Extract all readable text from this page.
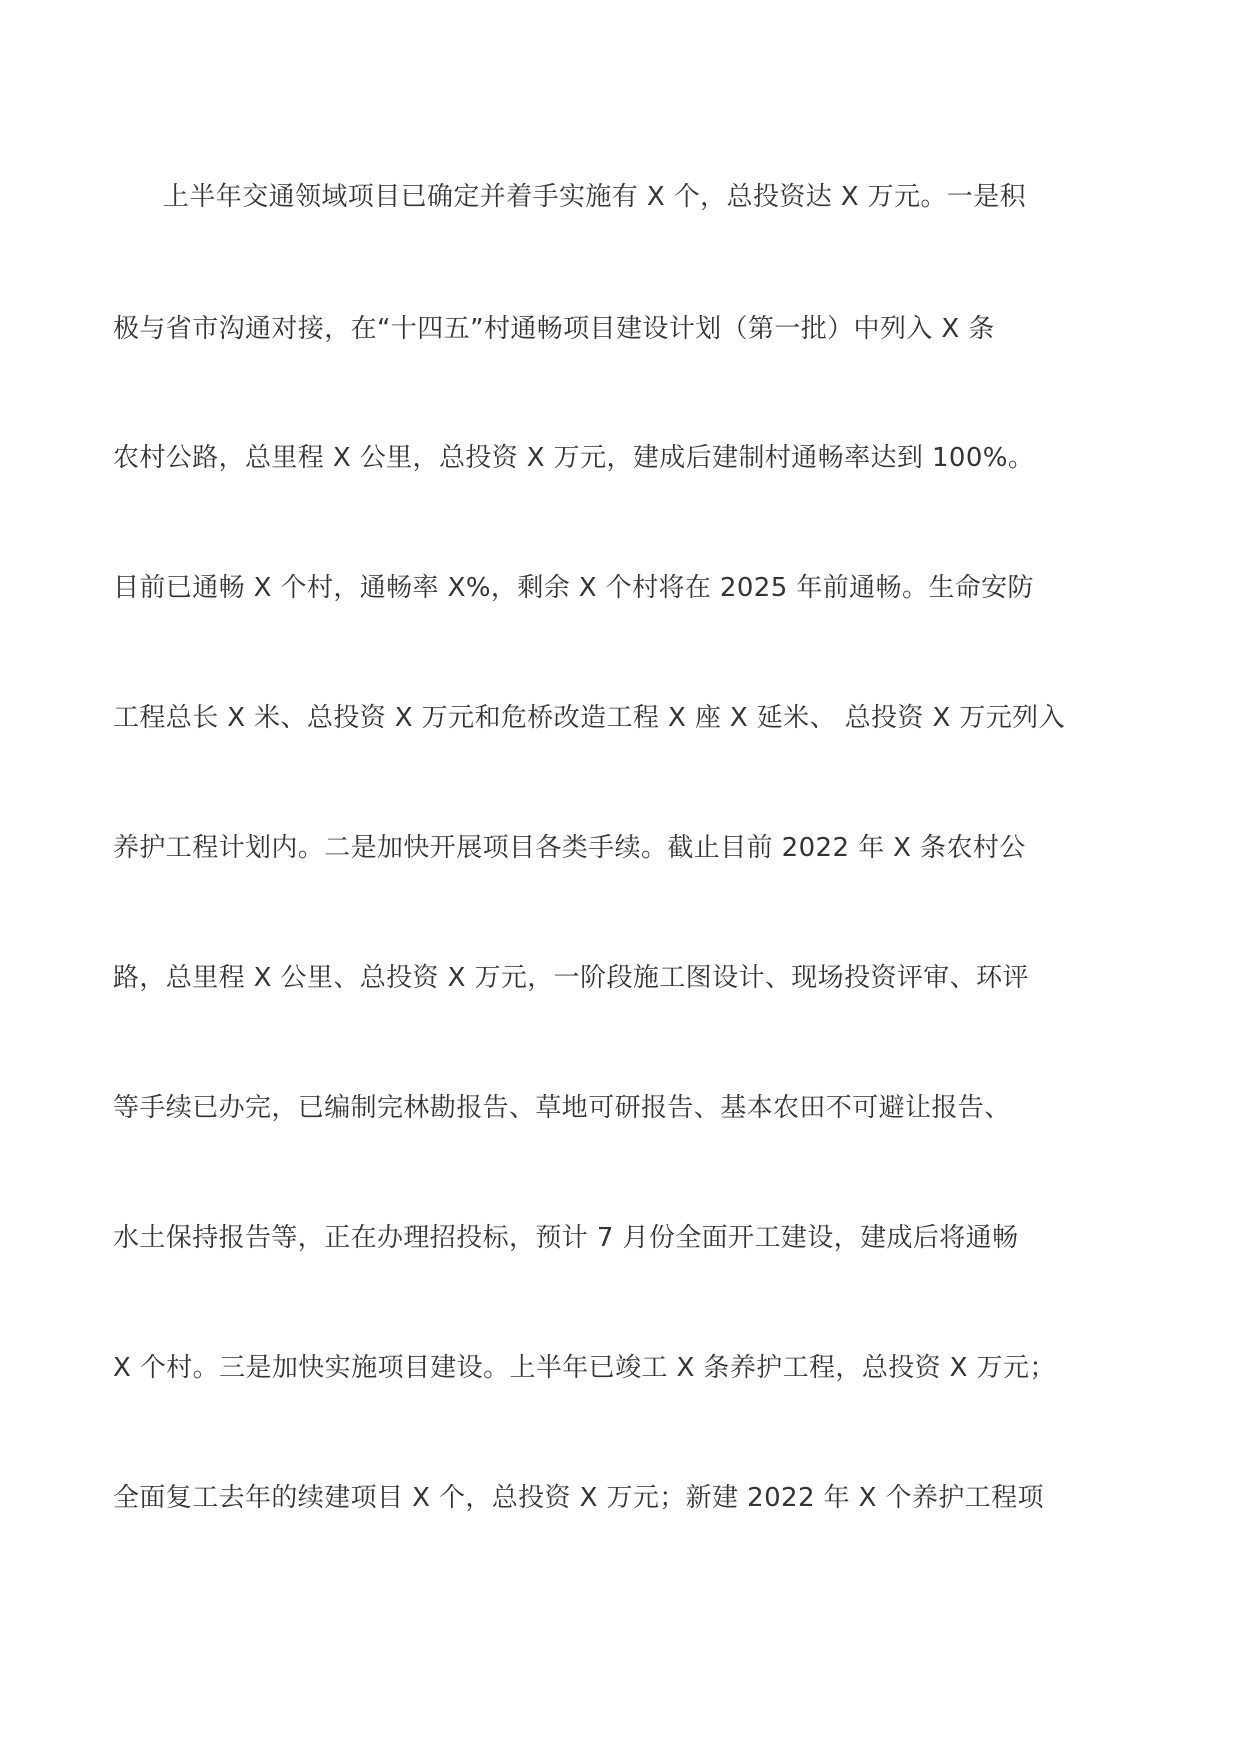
上半年交通领域项目已确定并着手实施有 X 个，总投资达 X 万元。一是积
极与省市沟通对接，在“十四五”村通畅项目建设计划（第一批）中列入 X 条
农村公路，总里程 X 公里，总投资 X 万元，建成后建制村通畅率达到 100%。
目前已通畅 X 个村，通畅率 X%，剩余 X 个村将在 2025 年前通畅。生命安防
工程总长 X 米、总投资 X 万元和危桥改造工程 X 座 X 延米、 总投资 X 万元列入
养护工程计划内。二是加快开展项目各类手续。截止目前 2022 年 X 条农村公
路，总里程 X 公里、总投资 X 万元，一阶段施工图设计、现场投资评审、环评
等手续已办完，已编制完林勘报告、草地可研报告、基本农田不可避让报告、
水土保持报告等，正在办理招投标，预计 7 月份全面开工建设，建成后将通畅
X 个村。三是加快实施项目建设。上半年已竣工 X 条养护工程，总投资 X 万元；
全面复工去年的续建项目 X 个，总投资 X 万元；新建 2022 年 X 个养护工程项
